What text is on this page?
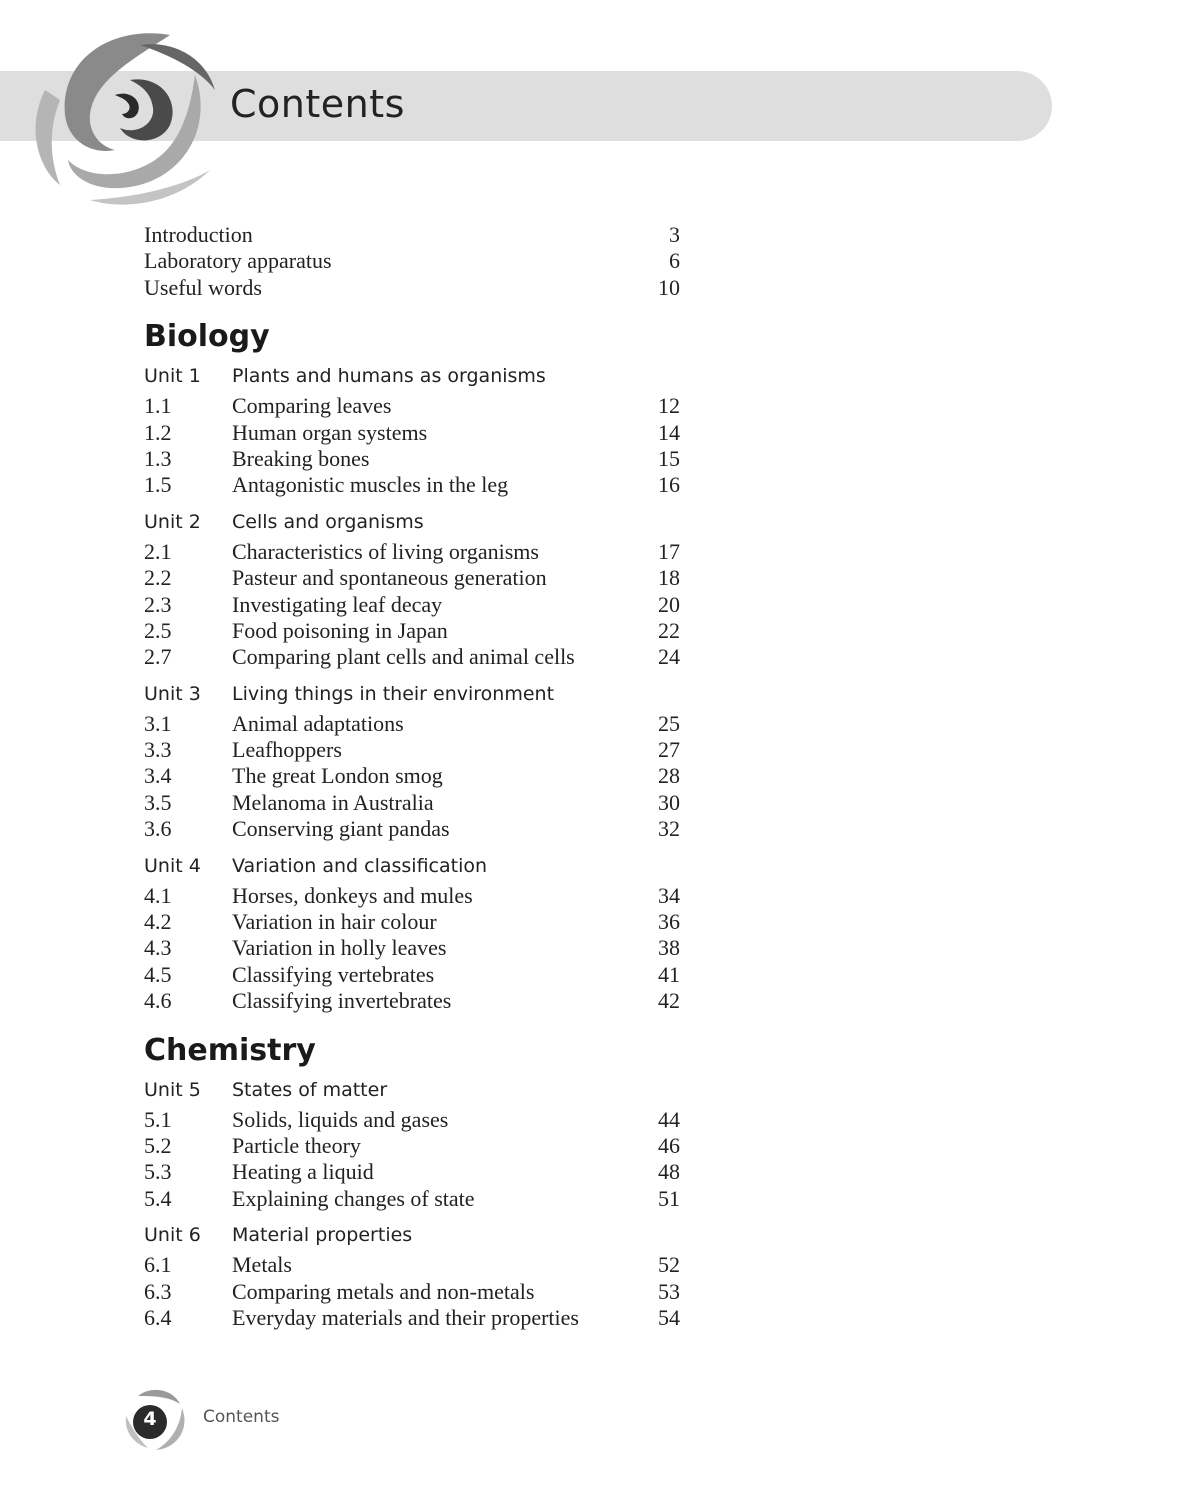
Contents
Introduction	3
Laboratory apparatus	6
Useful words	10
Biology
Unit 1 Plants and humans as organisms
1.1	Comparing leaves	12
1.2	Human organ systems	14
1.3	Breaking bones	15
1.5	Antagonistic muscles in the leg	16
Unit 2 Cells and organisms
2.1	Characteristics of living organisms	17
2.2	Pasteur and spontaneous generation	18
2.3	Investigating leaf decay	20
2.5	Food poisoning in Japan	22
2.7	Comparing plant cells and animal cells	24
Unit 3 Living things in their environment
3.1	Animal adaptations	25
3.3	Leafhoppers	27
3.4	The great London smog	28
3.5	Melanoma in Australia	30
3.6	Conserving giant pandas	32
Unit 4 Variation and classification
4.1	Horses, donkeys and mules	34
4.2	Variation in hair colour	36
4.3	Variation in holly leaves	38
4.5	Classifying vertebrates	41
4.6	Classifying invertebrates	42
Chemistry
Unit 5 States of matter
5.1	Solids, liquids and gases	44
5.2	Particle theory	46
5.3	Heating a liquid	48
5.4	Explaining changes of state	51
Unit 6 Material properties
6.1	Metals	52
6.3	Comparing metals and non-metals	53
6.4	Everyday materials and their properties	54
4	Contents
